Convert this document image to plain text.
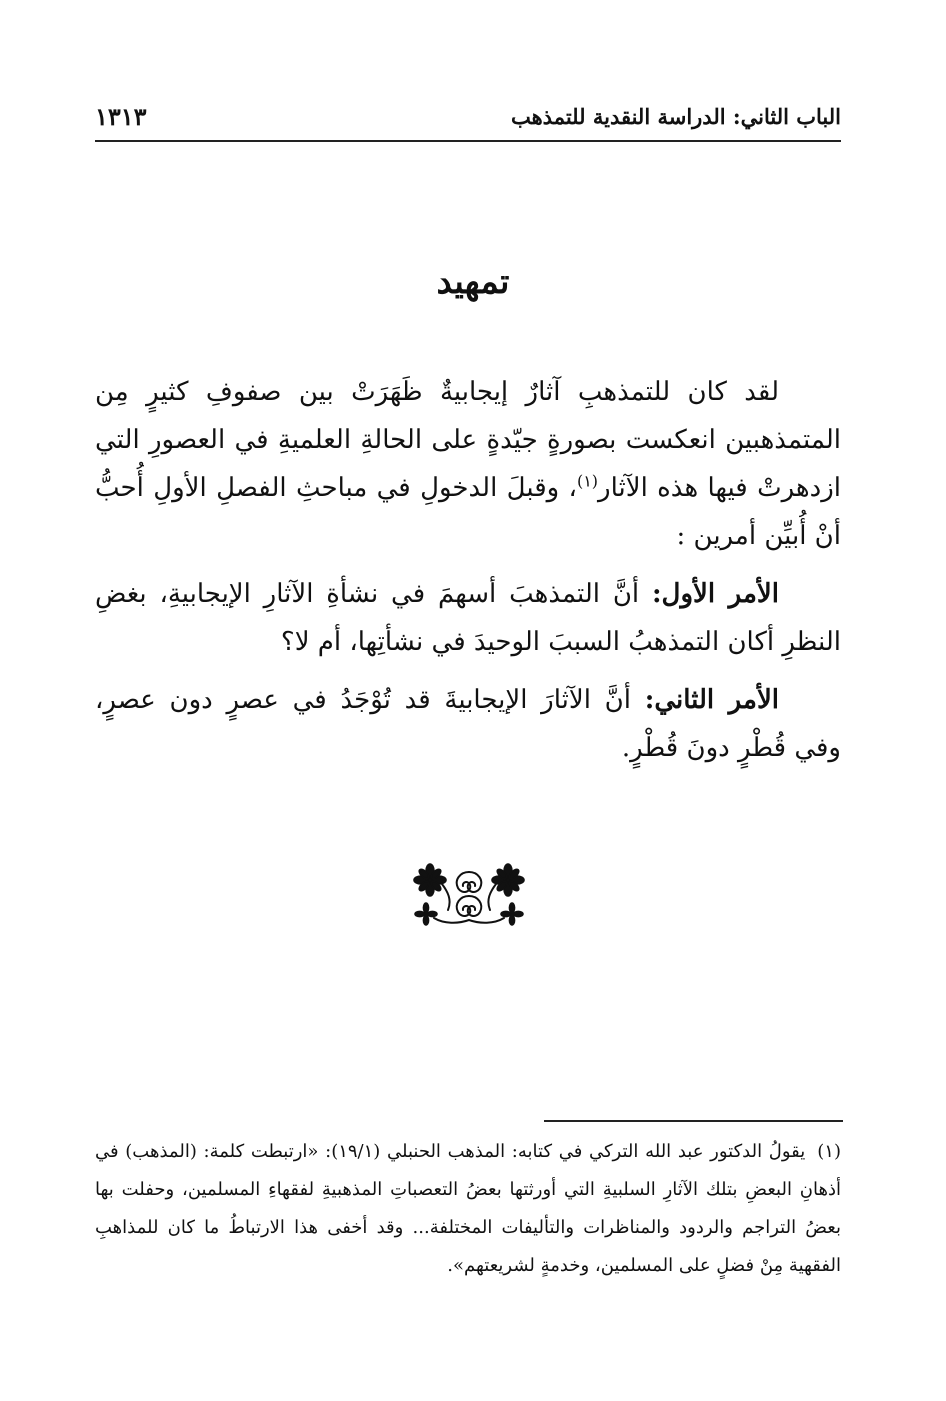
الباب الثاني: الدراسة النقدية للتمذهب
١٣١٣
تمهيد

لقد كان للتمذهبِ آثارٌ إيجابيةٌ ظَهَرَتْ بين صفوفِ كثيرٍ مِن المتمذهبين انعكست بصورةٍ جيّدةٍ على الحالةِ العلميةِ في العصورِ التي ازدهرتْ فيها هذه الآثار$^{(١)}$، وقبلَ الدخولِ في مباحثِ الفصلِ الأولِ أُحبُّ أنْ أُبيِّن أمرين :

الأمر الأول: أنَّ التمذهبَ أسهمَ في نشأةِ الآثارِ الإيجابيةِ، بغضِ النظرِ أكان التمذهبُ السببَ الوحيدَ في نشأتِها، أم لا؟

الأمر الثاني: أنَّ الآثارَ الإيجابيةَ قد تُوْجَدُ في عصرٍ دون عصرٍ، وفي قُطْرٍ دونَ قُطْرٍ.

(١)يقولُ الدكتور عبد الله التركي في كتابه: المذهب الحنبلي (١٩/١): «ارتبطت كلمة: (المذهب) في أذهانِ البعضِ بتلك الآثارِ السلبيةِ التي أورثتها بعضُ التعصباتِ المذهبيةِ لفقهاءِ المسلمين، وحفلت بها بعضُ التراجم والردود والمناظرات والتأليفات المختلفة... وقد أخفى هذا الارتباطُ ما كان للمذاهبِ الفقهية مِنْ فضلٍ على المسلمين، وخدمةٍ لشريعتهم».
